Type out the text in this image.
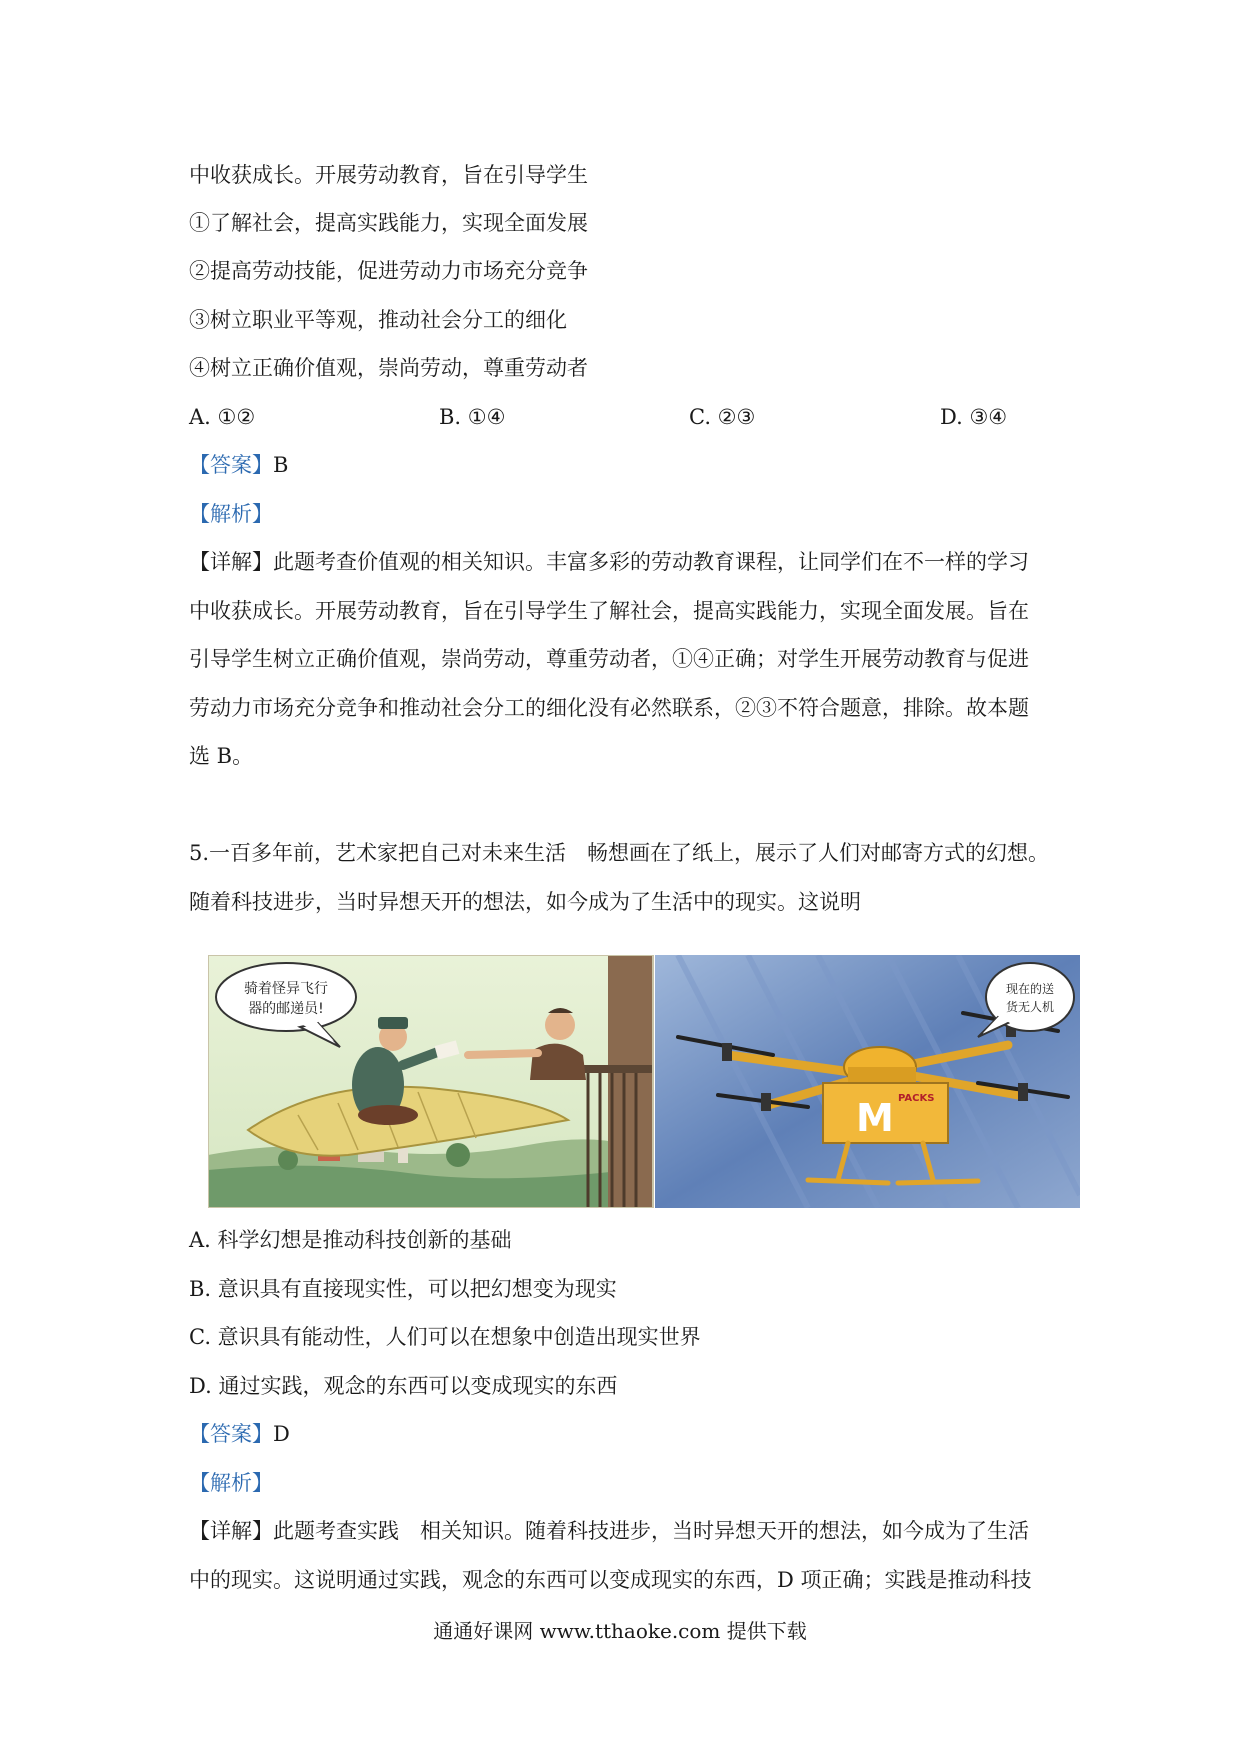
中收获成长。开展劳动教育，旨在引导学生
①了解社会，提高实践能力，实现全面发展
②提高劳动技能，促进劳动力市场充分竞争
③树立职业平等观，推动社会分工的细化
④树立正确价值观，崇尚劳动，尊重劳动者
A. ①②	B. ①④	C. ②③	D. ③④
【答案】B
【解析】
【详解】此题考查价值观的相关知识。丰富多彩的劳动教育课程，让同学们在不一样的学习
中收获成长。开展劳动教育，旨在引导学生了解社会，提高实践能力，实现全面发展。旨在
引导学生树立正确价值观，崇尚劳动，尊重劳动者，①④正确；对学生开展劳动教育与促进
劳动力市场充分竞争和推动社会分工的细化没有必然联系，②③不符合题意，排除。故本题
选 B。
5.一百多年前，艺术家把自己对未来生活　畅想画在了纸上，展示了人们对邮寄方式的幻想。
随着科技进步，当时异想天开的想法，如今成为了生活中的现实。这说明
骑着怪异飞行
器的邮递员!
M PACKS
现在的送
货无人机
A. 科学幻想是推动科技创新的基础
B. 意识具有直接现实性，可以把幻想变为现实
C. 意识具有能动性，人们可以在想象中创造出现实世界
D. 通过实践，观念的东西可以变成现实的东西
【答案】D
【解析】
【详解】此题考查实践　相关知识。随着科技进步，当时异想天开的想法，如今成为了生活
中的现实。这说明通过实践，观念的东西可以变成现实的东西，D 项正确；实践是推动科技
通通好课网 www.tthaoke.com 提供下载
